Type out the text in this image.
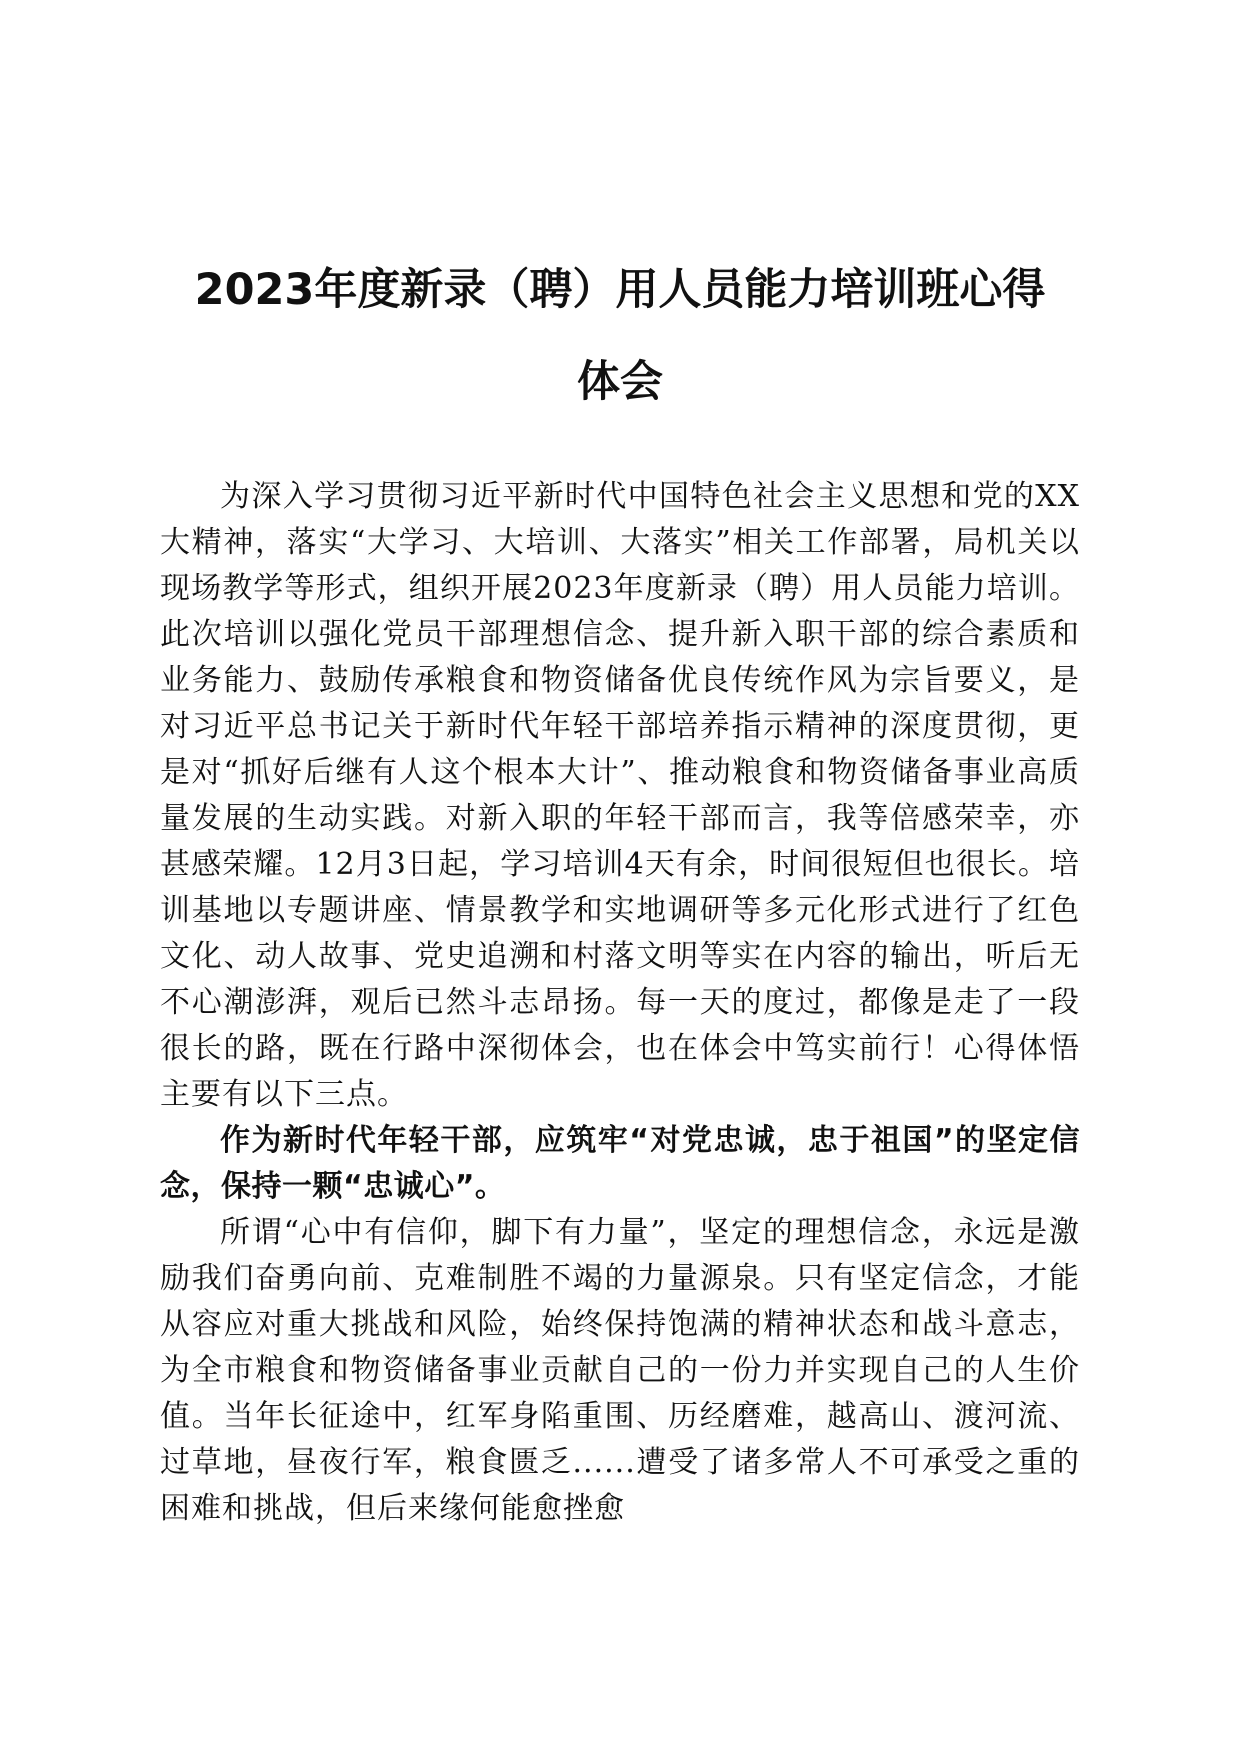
2023年度新录（聘）用人员能力培训班心得
体会

为深入学习贯彻习近平新时代中国特色社会主义思想和党的XX大精神，落实“大学习、大培训、大落实”相关工作部署，局机关以现场教学等形式，组织开展2023年度新录（聘）用人员能力培训。此次培训以强化党员干部理想信念、提升新入职干部的综合素质和业务能力、鼓励传承粮食和物资储备优良传统作风为宗旨要义，是对习近平总书记关于新时代年轻干部培养指示精神的深度贯彻，更是对“抓好后继有人这个根本大计”、推动粮食和物资储备事业高质量发展的生动实践。对新入职的年轻干部而言，我等倍感荣幸，亦甚感荣耀。12月3日起，学习培训4天有余，时间很短但也很长。培训基地以专题讲座、情景教学和实地调研等多元化形式进行了红色文化、动人故事、党史追溯和村落文明等实在内容的输出，听后无不心潮澎湃，观后已然斗志昂扬。每一天的度过，都像是走了一段很长的路，既在行路中深彻体会，也在体会中笃实前行！心得体悟主要有以下三点。

作为新时代年轻干部，应筑牢“对党忠诚，忠于祖国”的坚定信念，保持一颗“忠诚心”。

所谓“心中有信仰，脚下有力量”，坚定的理想信念，永远是激励我们奋勇向前、克难制胜不竭的力量源泉。只有坚定信念，才能从容应对重大挑战和风险，始终保持饱满的精神状态和战斗意志，为全市粮食和物资储备事业贡献自己的一份力并实现自己的人生价值。当年长征途中，红军身陷重围、历经磨难，越高山、渡河流、过草地，昼夜行军，粮食匮乏......遭受了诸多常人不可承受之重的困难和挑战，但后来缘何能愈挫愈
